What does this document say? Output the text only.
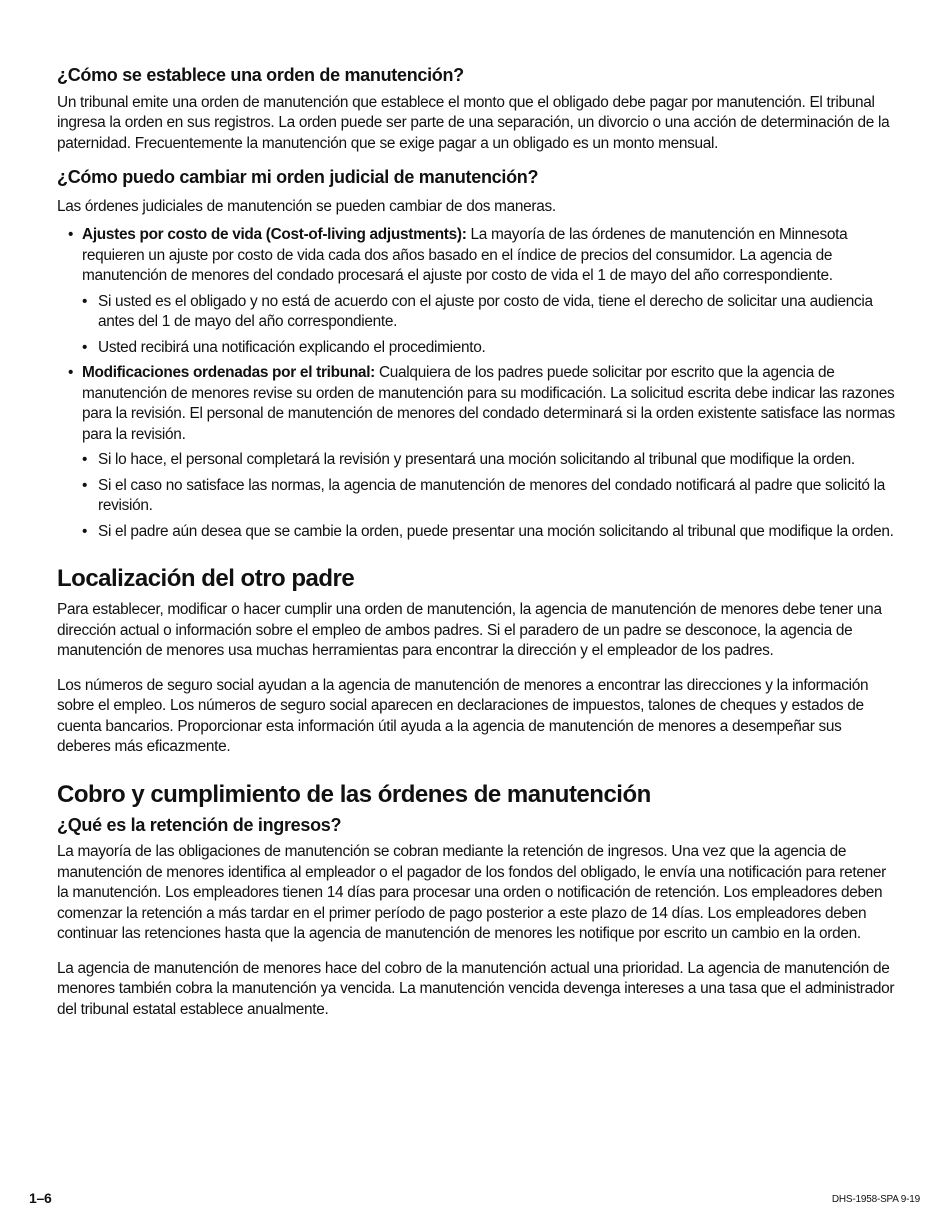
¿Cómo se establece una orden de manutención?

Un tribunal emite una orden de manutención que establece el monto que el obligado debe pagar por manutención. El tribunal ingresa la orden en sus registros. La orden puede ser parte de una separación, un divorcio o una acción de determinación de la paternidad. Frecuentemente la manutención que se exige pagar a un obligado es un monto mensual.

¿Cómo puedo cambiar mi orden judicial de manutención?

Las órdenes judiciales de manutención se pueden cambiar de dos maneras.

• Ajustes por costo de vida (Cost-of-living adjustments): La mayoría de las órdenes de manutención en Minnesota requieren un ajuste por costo de vida cada dos años basado en el índice de precios del consumidor. La agencia de manutención de menores del condado procesará el ajuste por costo de vida el 1 de mayo del año correspondiente.
• Si usted es el obligado y no está de acuerdo con el ajuste por costo de vida, tiene el derecho de solicitar una audiencia antes del 1 de mayo del año correspondiente.
• Usted recibirá una notificación explicando el procedimiento.
• Modificaciones ordenadas por el tribunal: Cualquiera de los padres puede solicitar por escrito que la agencia de manutención de menores revise su orden de manutención para su modificación. La solicitud escrita debe indicar las razones para la revisión. El personal de manutención de menores del condado determinará si la orden existente satisface las normas para la revisión.
• Si lo hace, el personal completará la revisión y presentará una moción solicitando al tribunal que modifique la orden.
• Si el caso no satisface las normas, la agencia de manutención de menores del condado notificará al padre que solicitó la revisión.
• Si el padre aún desea que se cambie la orden, puede presentar una moción solicitando al tribunal que modifique la orden.
Localización del otro padre

Para establecer, modificar o hacer cumplir una orden de manutención, la agencia de manutención de menores debe tener una dirección actual o información sobre el empleo de ambos padres. Si el paradero de un padre se desconoce, la agencia de manutención de menores usa muchas herramientas para encontrar la dirección y el empleador de los padres.

Los números de seguro social ayudan a la agencia de manutención de menores a encontrar las direcciones y la información sobre el empleo. Los números de seguro social aparecen en declaraciones de impuestos, talones de cheques y estados de cuenta bancarios. Proporcionar esta información útil ayuda a la agencia de manutención de menores a desempeñar sus deberes más eficazmente.

Cobro y cumplimiento de las órdenes de manutención
¿Qué es la retención de ingresos?

La mayoría de las obligaciones de manutención se cobran mediante la retención de ingresos. Una vez que la agencia de manutención de menores identifica al empleador o el pagador de los fondos del obligado, le envía una notificación para retener la manutención. Los empleadores tienen 14 días para procesar una orden o notificación de retención. Los empleadores deben comenzar la retención a más tardar en el primer período de pago posterior a este plazo de 14 días. Los empleadores deben continuar las retenciones hasta que la agencia de manutención de menores les notifique por escrito un cambio en la orden.

La agencia de manutención de menores hace del cobro de la manutención actual una prioridad. La agencia de manutención de menores también cobra la manutención ya vencida. La manutención vencida devenga intereses a una tasa que el administrador del tribunal estatal establece anualmente.

1–6	DHS-1958-SPA 9-19
